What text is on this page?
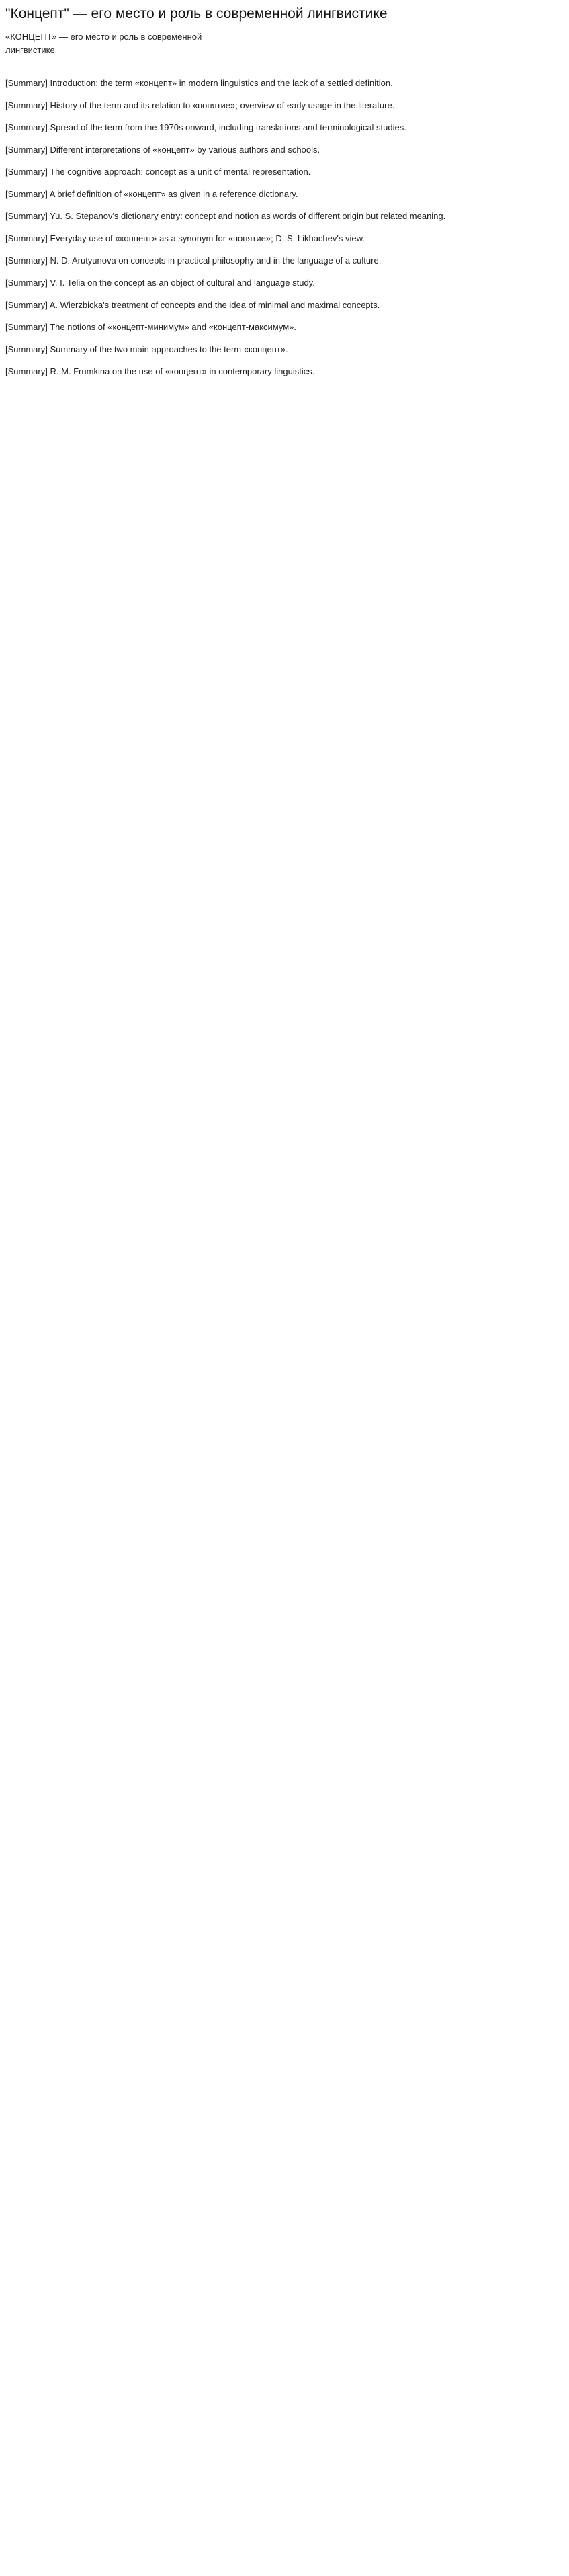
"Концепт" — его место и роль в современной лингвистике
«КОНЦЕПТ» — его место и роль в современной
лингвистике

[Summary] Introduction: the term «концепт» in modern linguistics and the lack of a settled definition.

[Summary] History of the term and its relation to «понятие»; overview of early usage in the literature.

[Summary] Spread of the term from the 1970s onward, including translations and terminological studies.

[Summary] Different interpretations of «концепт» by various authors and schools.

[Summary] The cognitive approach: concept as a unit of mental representation.

[Summary] A brief definition of «концепт» as given in a reference dictionary.

[Summary] Yu. S. Stepanov's dictionary entry: concept and notion as words of different origin but related meaning.

[Summary] Everyday use of «концепт» as a synonym for «понятие»; D. S. Likhachev's view.

[Summary] N. D. Arutyunova on concepts in practical philosophy and in the language of a culture.

[Summary] V. I. Telia on the concept as an object of cultural and language study.

[Summary] A. Wierzbicka's treatment of concepts and the idea of minimal and maximal concepts.

[Summary] The notions of «концепт-минимум» and «концепт-максимум».

[Summary] Summary of the two main approaches to the term «концепт».

[Summary] R. M. Frumkina on the use of «концепт» in contemporary linguistics.
